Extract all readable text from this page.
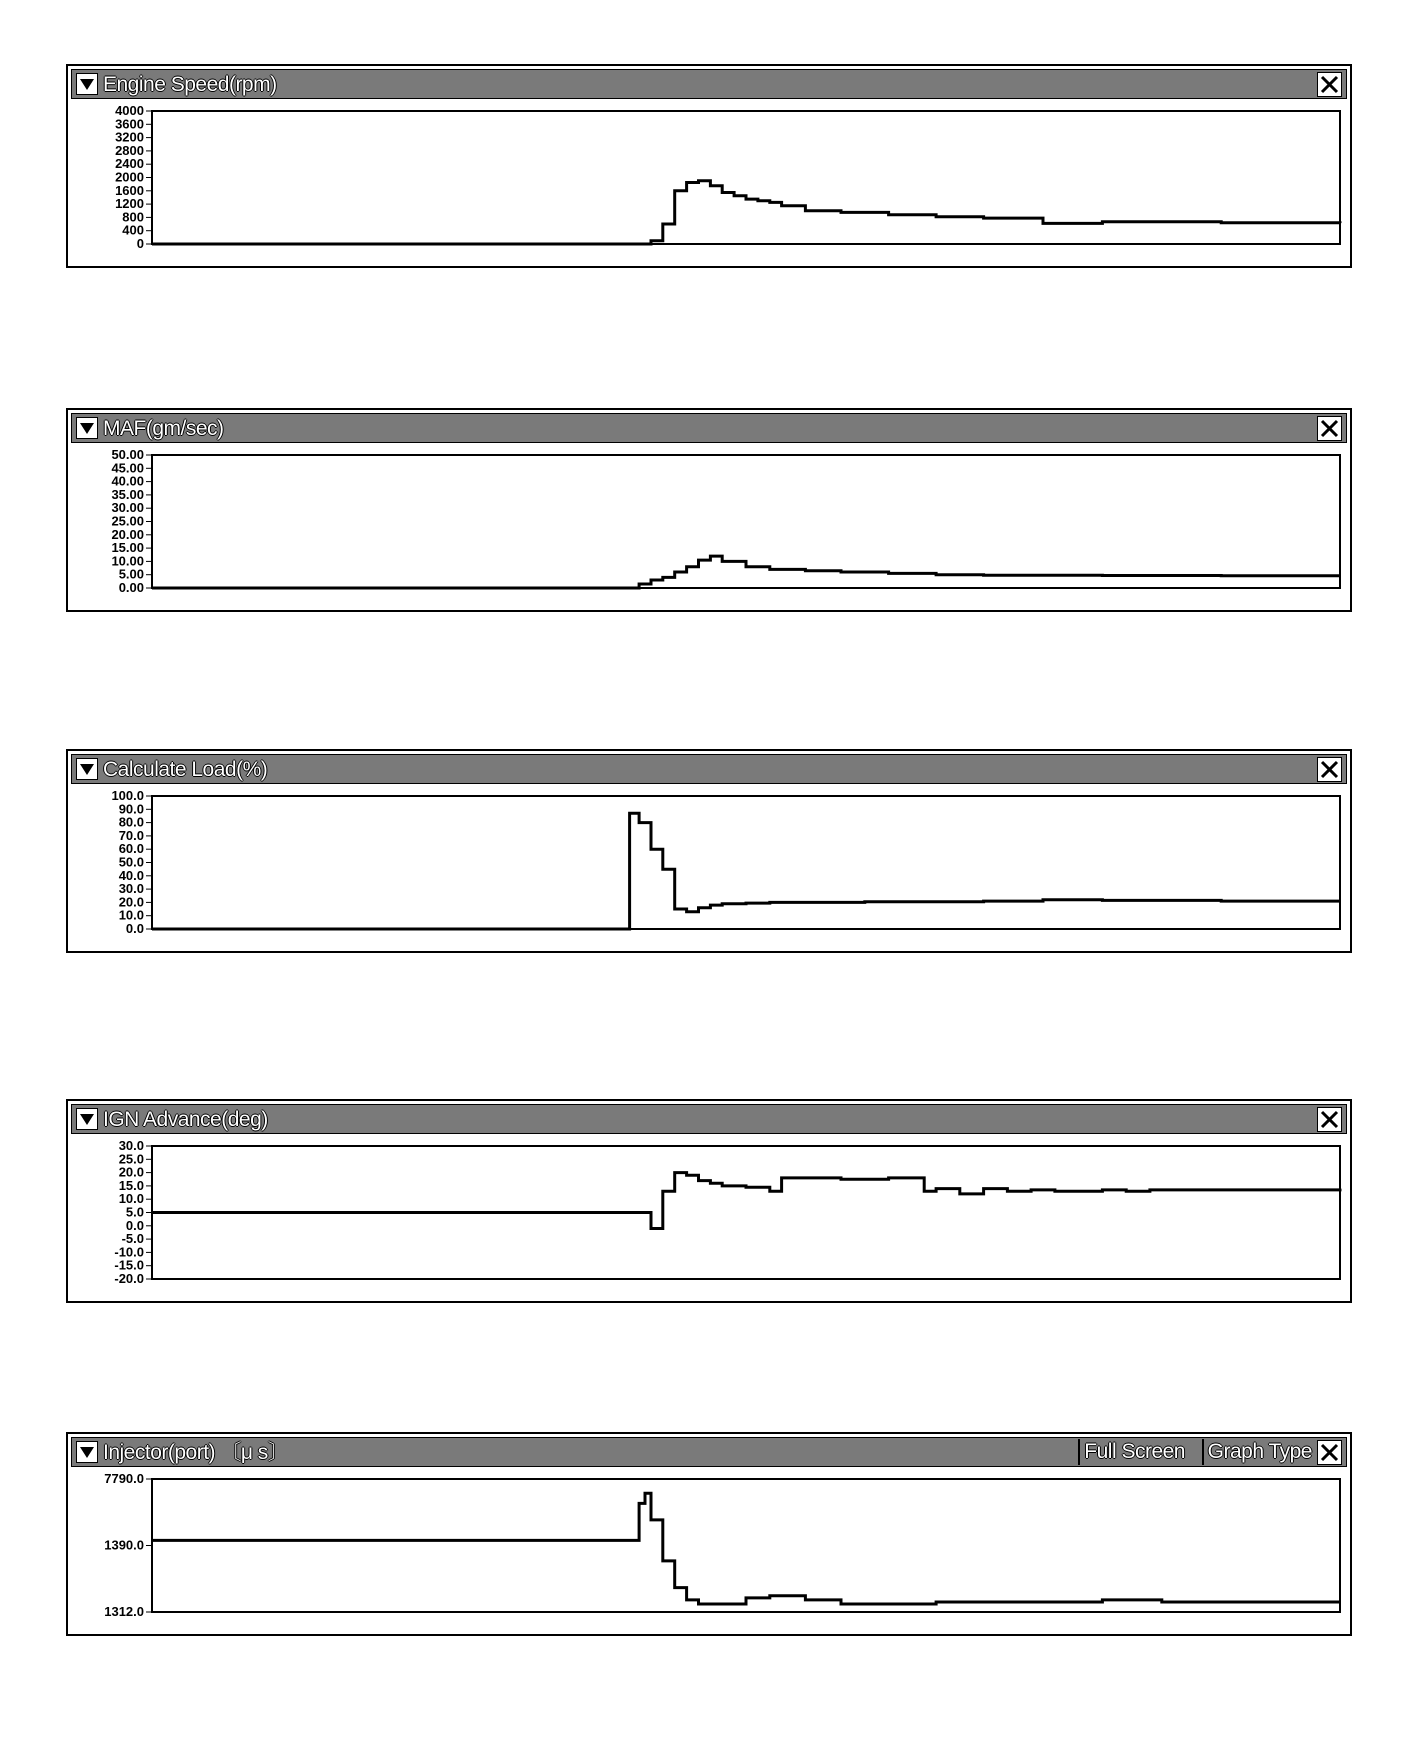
Engine Speed(rpm)
4000
3600
3200
2800
2400
2000
1600
1200
800
400
0
MAF(gm/sec)
50.00
45.00
40.00
35.00
30.00
25.00
20.00
15.00
10.00
5.00
0.00
Calculate Load(%)
100.0
90.0
80.0
70.0
60.0
50.0
40.0
30.0
20.0
10.0
0.0
IGN Advance(deg)
30.0
25.0
20.0
15.0
10.0
5.0
0.0
-5.0
-10.0
-15.0
-20.0
Injector(port) 〔μ s〕	Full Screen Graph Type
7790.0
1390.0
1312.0
